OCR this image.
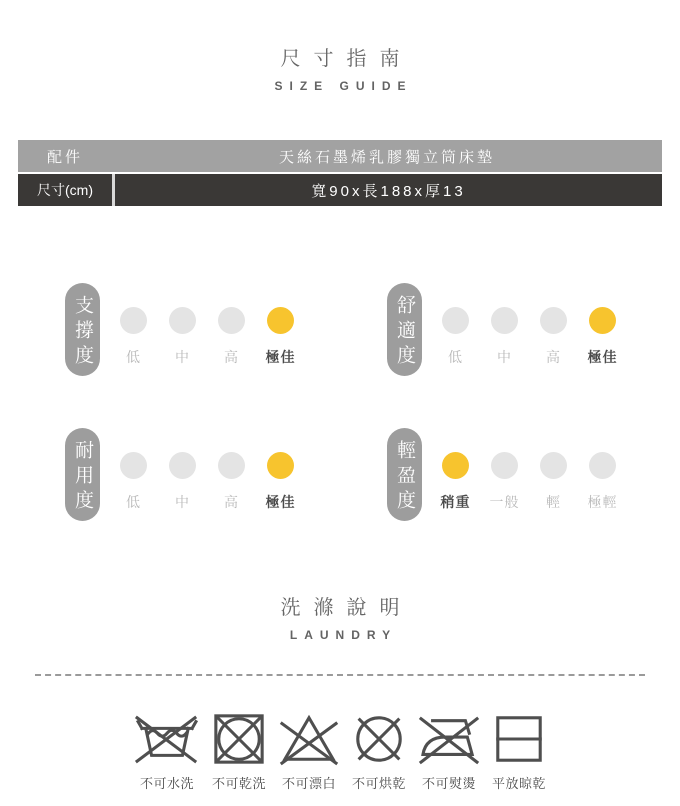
尺寸指南
SIZE GUIDE
配件	天絲石墨烯乳膠獨立筒床墊
尺寸(cm)	寬90x長188x厚13
支撐度	低 中 高 極佳	舒適度	低 中 高 極佳
耐用度	低 中 高 極佳	輕盈度	稍重 一般 輕 極輕
洗滌說明
LAUNDRY
不可水洗 不可乾洗 不可漂白 不可烘乾 不可熨燙 平放晾乾
